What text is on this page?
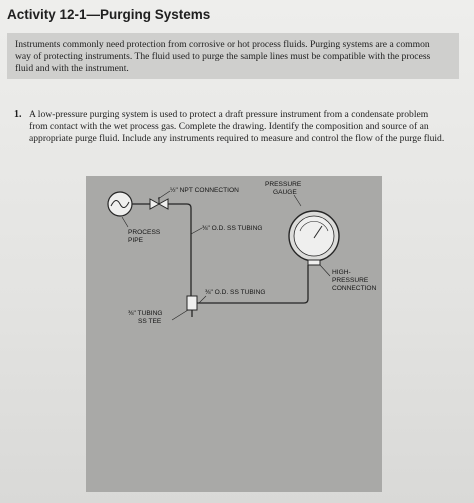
Activity 12-1—Purging Systems
Instruments commonly need protection from corrosive or hot process fluids. Purging systems are a common
way of protecting instruments. The fluid used to purge the sample lines must be compatible with the process
fluid and with the instrument.
1. A low-pressure purging system is used to protect a draft pressure instrument from a condensate problem
from contact with the wet process gas. Complete the drawing. Identify the composition and source of an
appropriate purge fluid. Include any instruments required to measure and control the flow of the purge fluid.
½" NPT CONNECTION
PRESSURE
GAUGE
⅜" O.D. SS TUBING
PROCESS
PIPE
⅜" O.D. SS TUBING
HIGH-
PRESSURE
CONNECTION
⅜" TUBING
SS TEE
